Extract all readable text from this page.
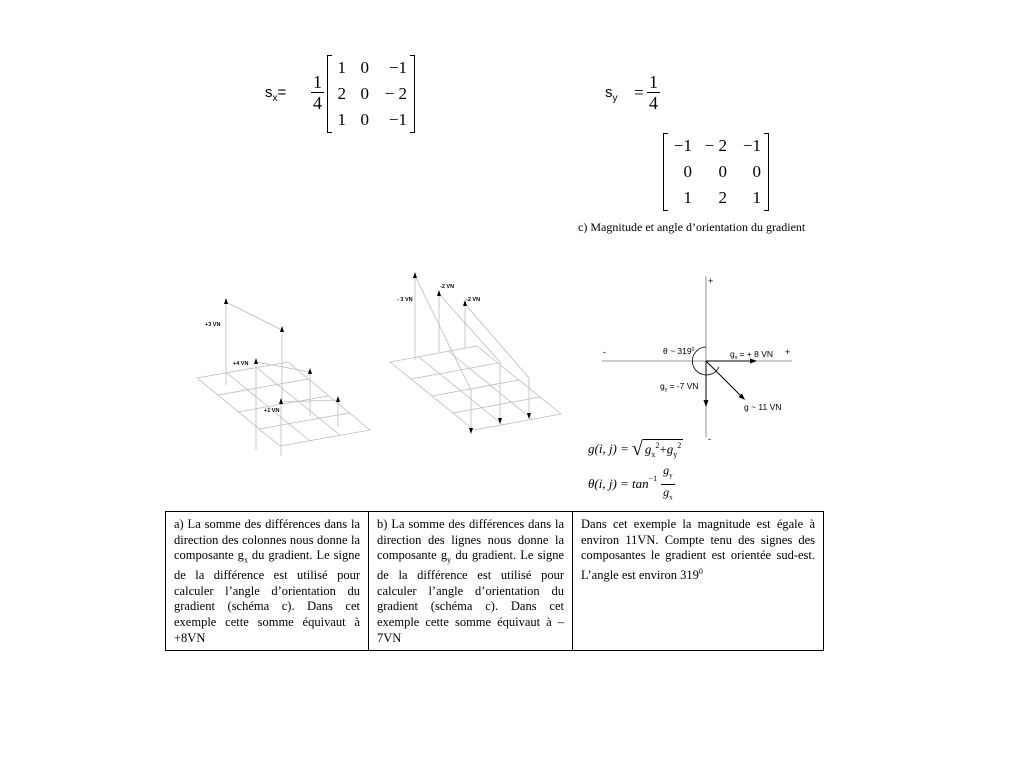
$s_x= \frac{1}{4}$
1 0	−1
2 0 − 2
1 0	−1
$s_y = \frac{1}{4}$
−1 − 2 −1
0	0	0
1	2	1
c) Magnitude et angle d’orientation du gradient
+3 VN
+4 VN
+1 VN
- 3 VN
-2 VN
-2 VN
+
-	+
-
θ ~ $319^0$	$g_x$ = + 8 VN
$g_y = -7$ VN
g ~ 11 VN
g(i, j) = √ $g_x^2+g_y^2$
θ(i, $j) = \tan^{-1} \frac{g_y}{g_x}$
a) La somme des différences dans la direction des colonnes nous donne la composante $g_x$ du gradient. Le signe de la différence est utilisé pour calculer l’angle d’orientation du gradient (schéma c). Dans cet exemple cette somme équivaut à +8VN	b) La somme des différences dans la direction des lignes nous donne la composante $g_y$ du gradient. Le signe de la différence est utilisé pour calculer l’angle d’orientation du gradient (schéma c). Dans cet exemple cette somme équivaut à –7VN	Dans cet exemple la magnitude est égale à environ 11VN. Compte tenu des signes des composantes le gradient est orientée sud-est. L’angle est environ $319^0$
